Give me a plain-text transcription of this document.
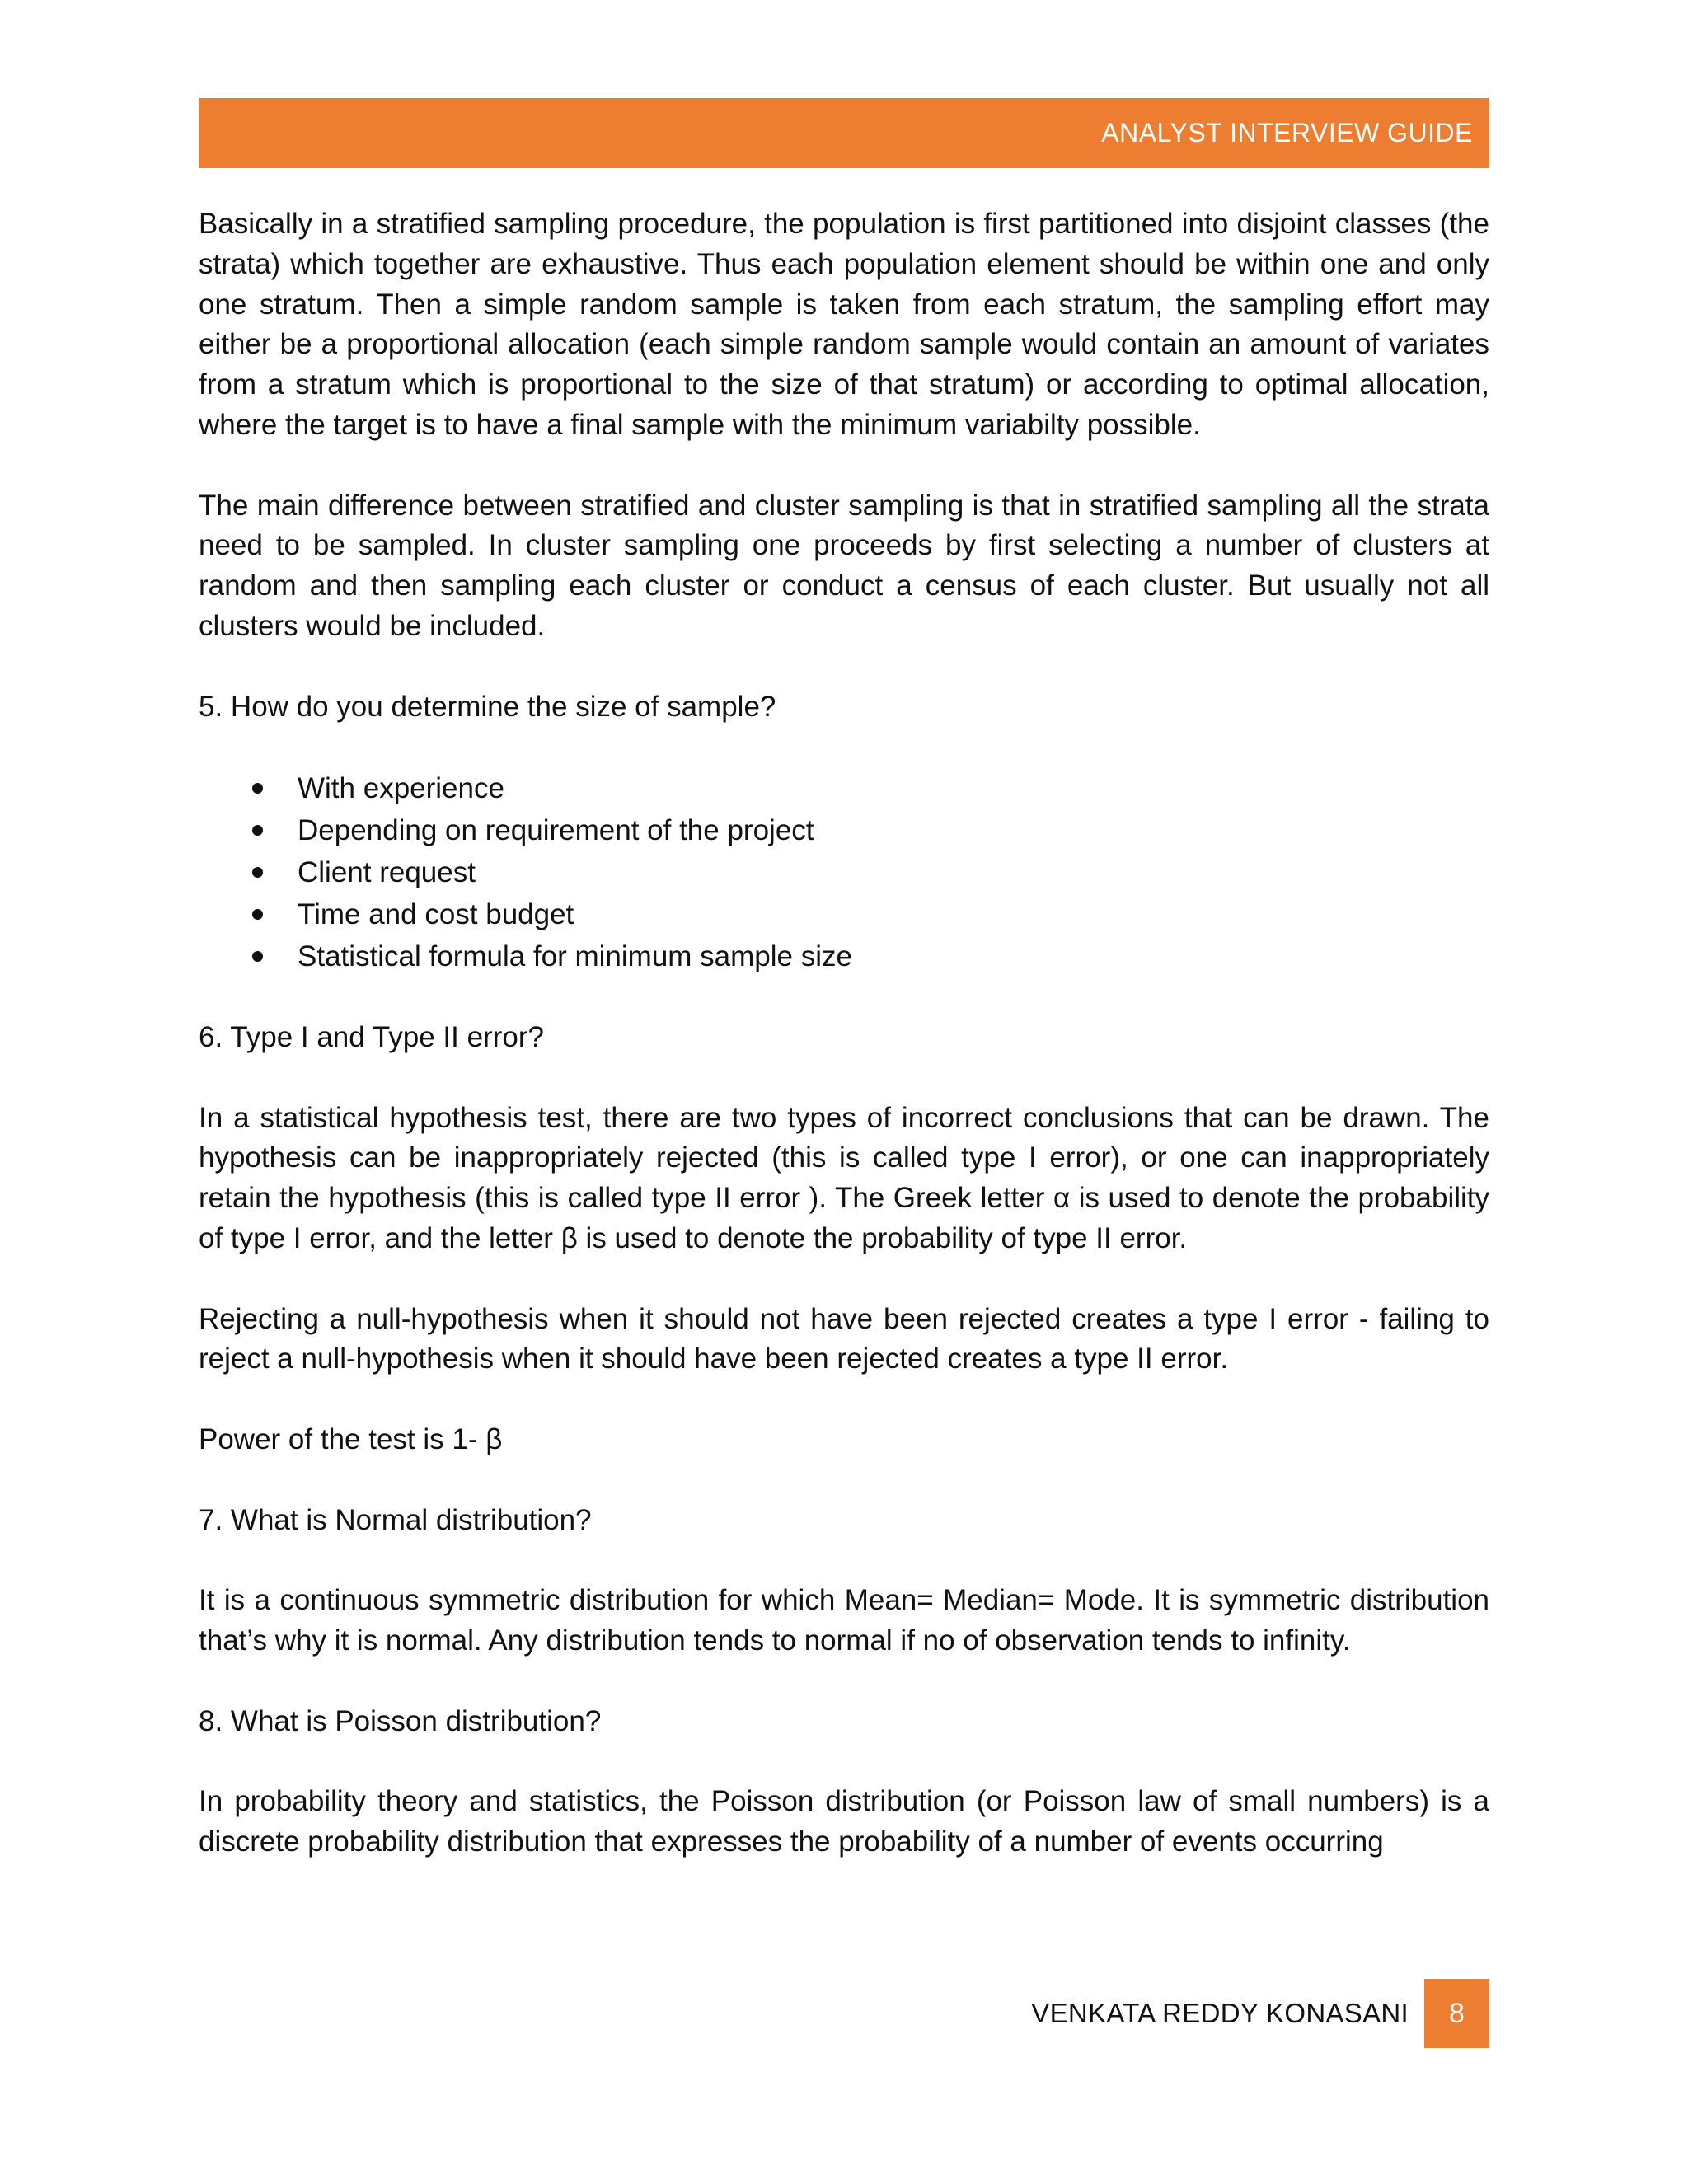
ANALYST INTERVIEW GUIDE

Basically in a stratified sampling procedure, the population is first partitioned into disjoint classes (the strata) which together are exhaustive. Thus each population element should be within one and only one stratum. Then a simple random sample is taken from each stratum, the sampling effort may either be a proportional allocation (each simple random sample would contain an amount of variates from a stratum which is proportional to the size of that stratum) or according to optimal allocation, where the target is to have a final sample with the minimum variabilty possible.

The main difference between stratified and cluster sampling is that in stratified sampling all the strata need to be sampled. In cluster sampling one proceeds by first selecting a number of clusters at random and then sampling each cluster or conduct a census of each cluster. But usually not all clusters would be included.

5. How do you determine the size of sample?

With experience
Depending on requirement of the project
Client request
Time and cost budget
Statistical formula for minimum sample size

6. Type I and Type II error?

In a statistical hypothesis test, there are two types of incorrect conclusions that can be drawn. The hypothesis can be inappropriately rejected (this is called type I error), or one can inappropriately retain the hypothesis (this is called type II error ). The Greek letter α is used to denote the probability of type I error, and the letter β is used to denote the probability of type II error.

Rejecting a null-hypothesis when it should not have been rejected creates a type I error - failing to reject a null-hypothesis when it should have been rejected creates a type II error.

Power of the test is 1- β

7. What is Normal distribution?

It is a continuous symmetric distribution for which Mean= Median= Mode. It is symmetric distribution that’s why it is normal. Any distribution tends to normal if no of observation tends to infinity.

8. What is Poisson distribution?

In probability theory and statistics, the Poisson distribution (or Poisson law of small numbers) is a discrete probability distribution that expresses the probability of a number of events occurring

VENKATA REDDY KONASANI 8
